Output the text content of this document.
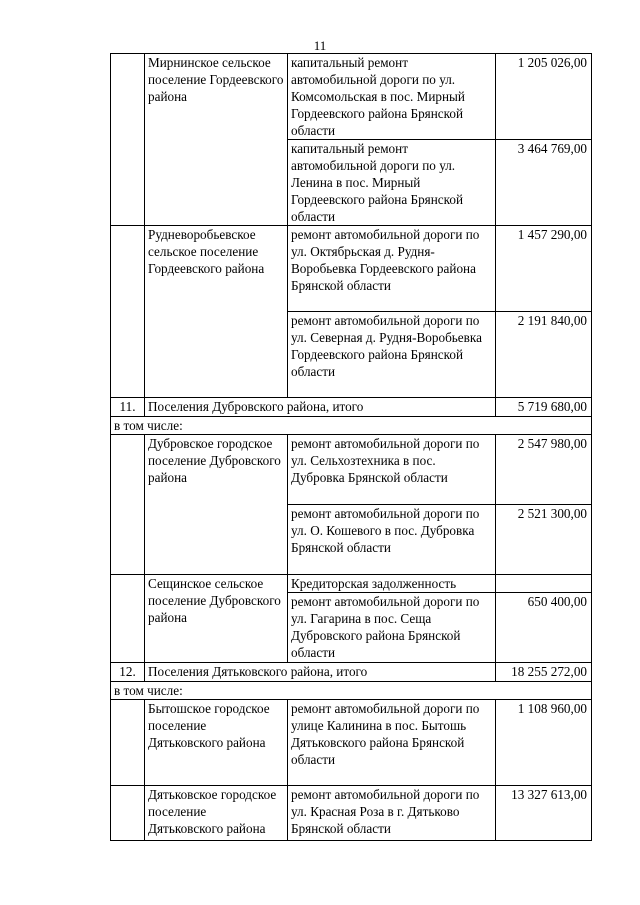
11
	Мирнинское сельское поселение Гордеевского района	капитальный ремонт автомобильной дороги по ул. Комсомольская в пос. Мирный Гордеевского района Брянской области	1 205 026,00
		капитальный ремонт автомобильной дороги по ул. Ленина в пос. Мирный Гордеевского района Брянской области	3 464 769,00
	Рудневоробьевское сельское поселение Гордеевского района	ремонт автомобильной дороги по ул. Октябрьская д. Рудня-Воробьевка Гордеевского района Брянской области	1 457 290,00
		ремонт автомобильной дороги по ул. Северная д. Рудня-Воробьевка Гордеевского района Брянской области	2 191 840,00
11.	Поселения Дубровского района, итого		5 719 680,00
в том числе:			
	Дубровское городское поселение Дубровского района	ремонт автомобильной дороги по ул. Сельхозтехника в пос. Дубровка Брянской области	2 547 980,00
		ремонт автомобильной дороги по ул. О. Кошевого в пос. Дубровка Брянской области	2 521 300,00
	Сещинское сельское поселение Дубровского района	Кредиторская задолженность	
		ремонт автомобильной дороги по ул. Гагарина в пос. Сеща Дубровского района Брянской области	650 400,00
12.	Поселения Дятьковского района, итого		18 255 272,00
в том числе:			
	Бытошское городское поселение Дятьковского района	ремонт автомобильной дороги по улице Калинина в пос. Бытошь Дятьковского района Брянской области	1 108 960,00
	Дятьковское городское поселение Дятьковского района	ремонт автомобильной дороги по ул. Красная Роза в г. Дятьково Брянской области	13 327 613,00
